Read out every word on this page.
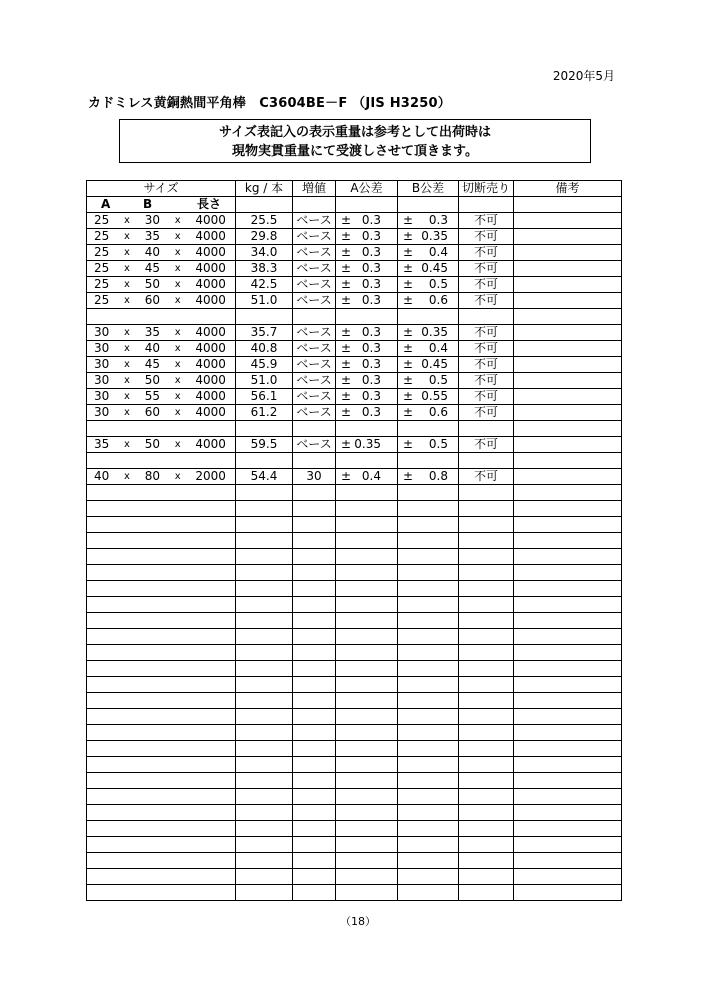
2020年5月
カドミレス黄銅熱間平角棒　C3604BE－F （JIS H3250）
サイズ表記入の表示重量は参考として出荷時は
現物実貫重量にて受渡しさせて頂きます。
サイズ	kg / 本	増値	A公差	B公差	切断売り	備考

A B 長さ						

25 x 30 x 4000	25.5	ベース	± 0.3	± 0.3	不可	

25 x 35 x 4000	29.8	ベース	± 0.3	± 0.35	不可	

25 x 40 x 4000	34.0	ベース	± 0.3	± 0.4	不可	

25 x 45 x 4000	38.3	ベース	± 0.3	± 0.45	不可	

25 x 50 x 4000	42.5	ベース	± 0.3	± 0.5	不可	

25 x 60 x 4000	51.0	ベース	± 0.3	± 0.6	不可	

30 x 35 x 4000	35.7	ベース	± 0.3	± 0.35	不可	

30 x 40 x 4000	40.8	ベース	± 0.3	± 0.4	不可	

30 x 45 x 4000	45.9	ベース	± 0.3	± 0.45	不可	

30 x 50 x 4000	51.0	ベース	± 0.3	± 0.5	不可	

30 x 55 x 4000	56.1	ベース	± 0.3	± 0.55	不可	

30 x 60 x 4000	61.2	ベース	± 0.3	± 0.6	不可	

35 x 50 x 4000	59.5	ベース	± 0.35	± 0.5	不可	

40 x 80 x 2000	54.4	30	± 0.4	± 0.8	不可	

（18）
